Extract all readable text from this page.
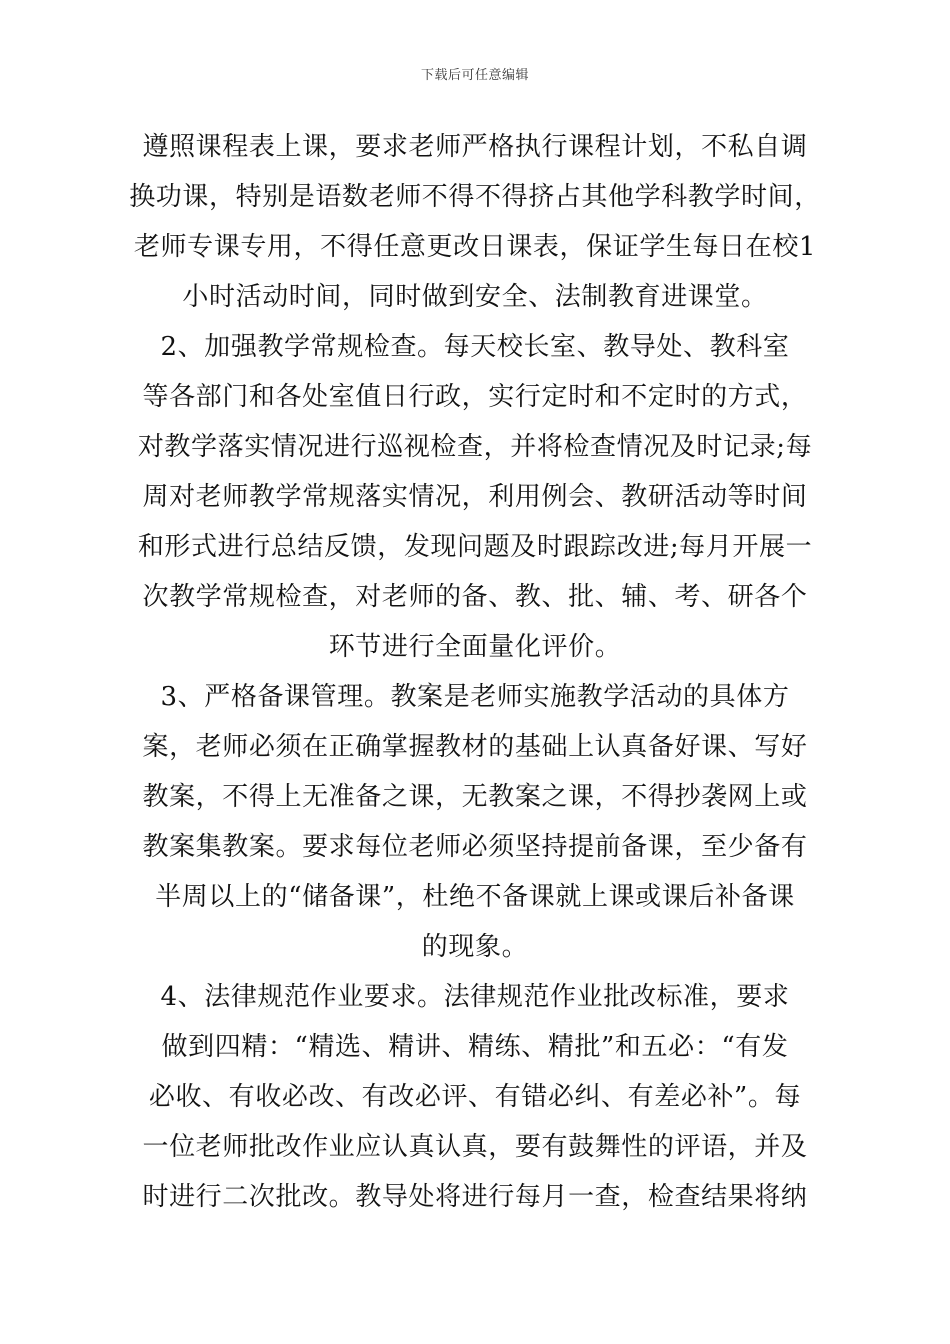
下载后可任意编辑
遵照课程表上课，要求老师严格执行课程计划，不私自调
换功课，特别是语数老师不得不得挤占其他学科教学时间，
老师专课专用，不得任意更改日课表，保证学生每日在校1
小时活动时间，同时做到安全、法制教育进课堂。
2、加强教学常规检查。每天校长室、教导处、教科室
等各部门和各处室值日行政，实行定时和不定时的方式，
对教学落实情况进行巡视检查，并将检查情况及时记录;每
周对老师教学常规落实情况，利用例会、教研活动等时间
和形式进行总结反馈，发现问题及时跟踪改进;每月开展一
次教学常规检查，对老师的备、教、批、辅、考、研各个
环节进行全面量化评价。
3、严格备课管理。教案是老师实施教学活动的具体方
案，老师必须在正确掌握教材的基础上认真备好课、写好
教案，不得上无准备之课，无教案之课，不得抄袭网上或
教案集教案。要求每位老师必须坚持提前备课，至少备有
半周以上的“储备课”，杜绝不备课就上课或课后补备课
的现象。
4、法律规范作业要求。法律规范作业批改标准，要求
做到四精：“精选、精讲、精练、精批”和五必：“有发
必收、有收必改、有改必评、有错必纠、有差必补”。每
一位老师批改作业应认真认真，要有鼓舞性的评语，并及
时进行二次批改。教导处将进行每月一查，检查结果将纳
